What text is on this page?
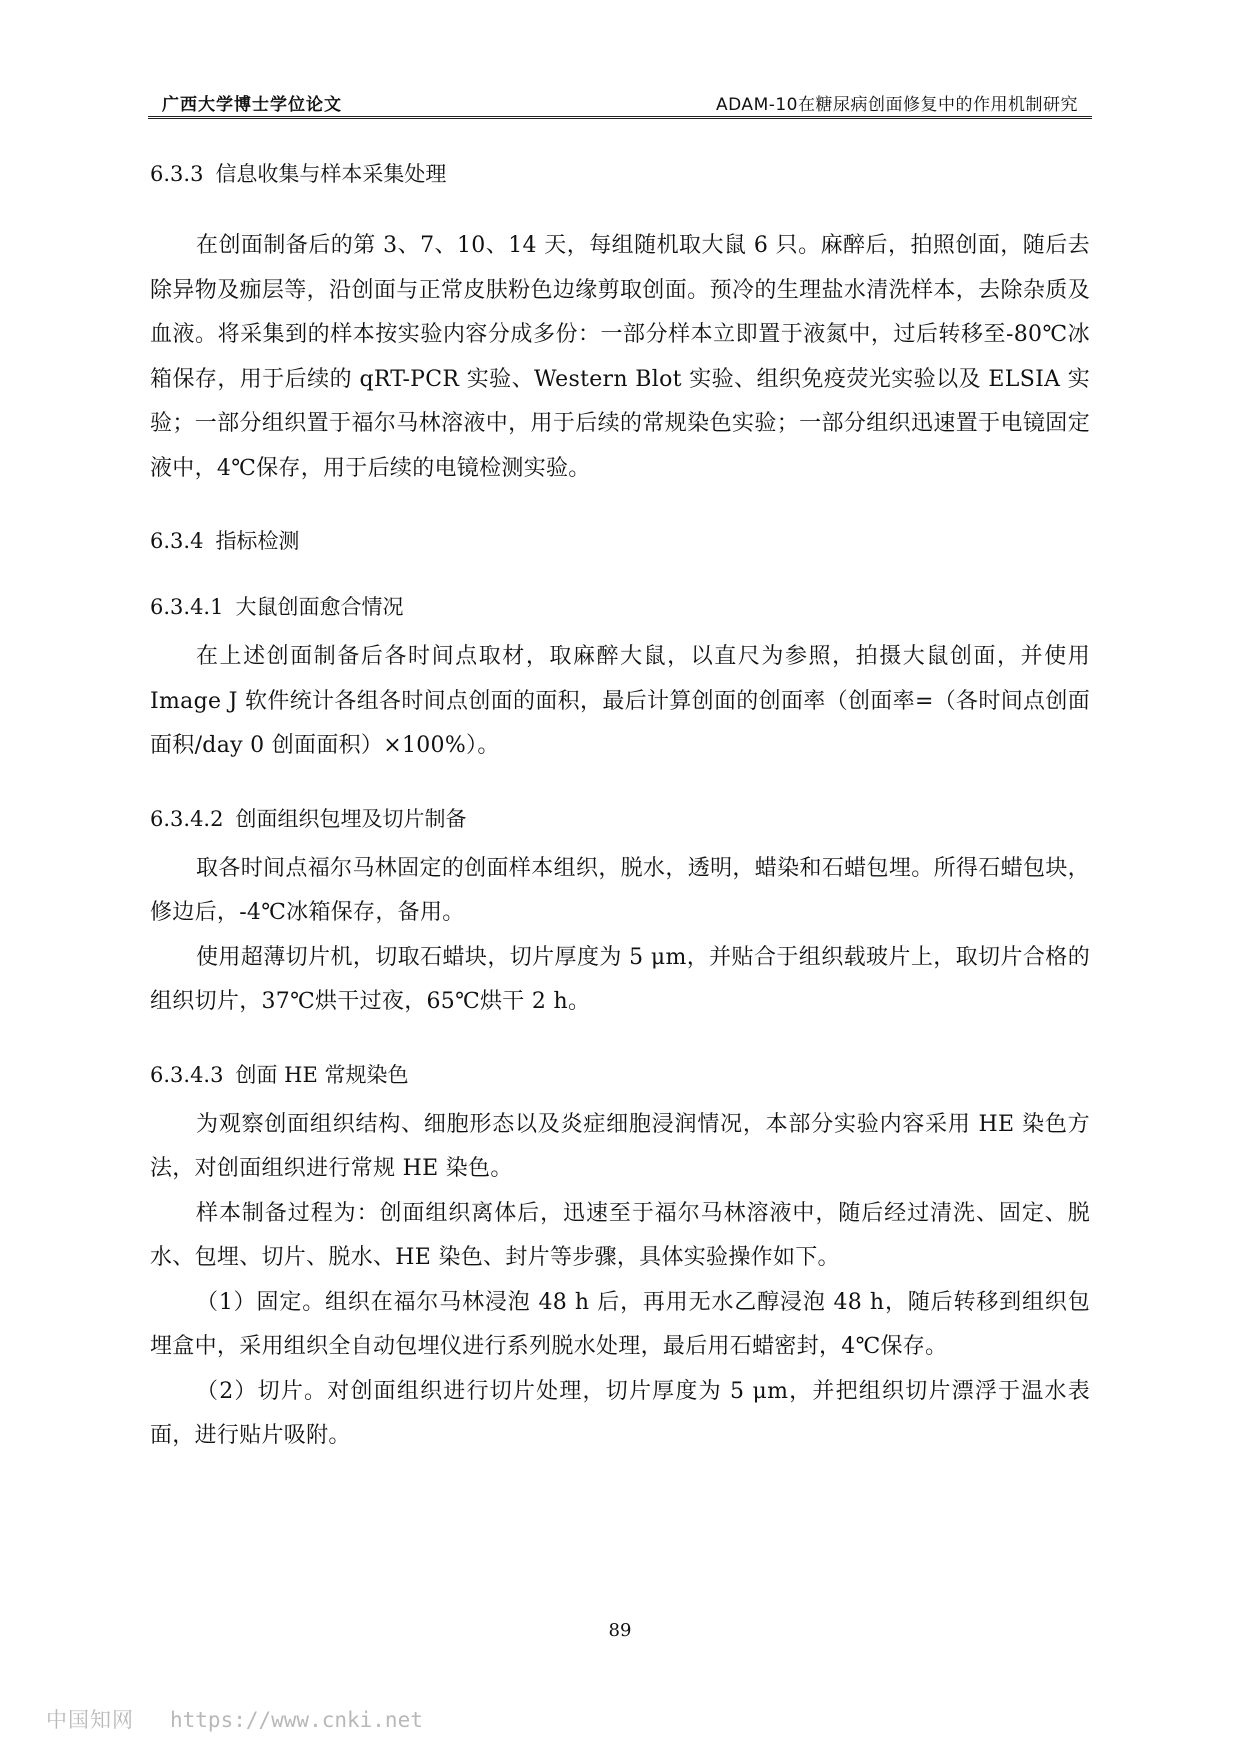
广西大学博士学位论文	ADAM-10在糖尿病创面修复中的作用机制研究
6.3.3 信息收集与样本采集处理

在创面制备后的第 3、7、10、14 天，每组随机取大鼠 6 只。麻醉后，拍照创面，随后去除异物及痂层等，沿创面与正常皮肤粉色边缘剪取创面。预冷的生理盐水清洗样本，去除杂质及血液。将采集到的样本按实验内容分成多份：一部分样本立即置于液氮中，过后转移至-80℃冰箱保存，用于后续的 qRT-PCR 实验、Western Blot 实验、组织免疫荧光实验以及 ELSIA 实验；一部分组织置于福尔马林溶液中，用于后续的常规染色实验；一部分组织迅速置于电镜固定液中，4℃保存，用于后续的电镜检测实验。

6.3.4 指标检测
6.3.4.1 大鼠创面愈合情况

在上述创面制备后各时间点取材，取麻醉大鼠，以直尺为参照，拍摄大鼠创面，并使用 Image J 软件统计各组各时间点创面的面积，最后计算创面的创面率（创面率=（各时间点创面面积/day 0 创面面积）×100%）。

6.3.4.2 创面组织包埋及切片制备

取各时间点福尔马林固定的创面样本组织，脱水，透明，蜡染和石蜡包埋。所得石蜡包块，修边后，-4℃冰箱保存，备用。

使用超薄切片机，切取石蜡块，切片厚度为 5 μm，并贴合于组织载玻片上，取切片合格的组织切片，37℃烘干过夜，65℃烘干 2 h。

6.3.4.3 创面 HE 常规染色

为观察创面组织结构、细胞形态以及炎症细胞浸润情况，本部分实验内容采用 HE 染色方法，对创面组织进行常规 HE 染色。

样本制备过程为：创面组织离体后，迅速至于福尔马林溶液中，随后经过清洗、固定、脱水、包埋、切片、脱水、HE 染色、封片等步骤，具体实验操作如下。

（1）固定。组织在福尔马林浸泡 48 h 后，再用无水乙醇浸泡 48 h，随后转移到组织包埋盒中，采用组织全自动包埋仪进行系列脱水处理，最后用石蜡密封，4℃保存。

（2）切片。对创面组织进行切片处理，切片厚度为 5 μm，并把组织切片漂浮于温水表面，进行贴片吸附。

89
中国知网 https://www.cnki.net
